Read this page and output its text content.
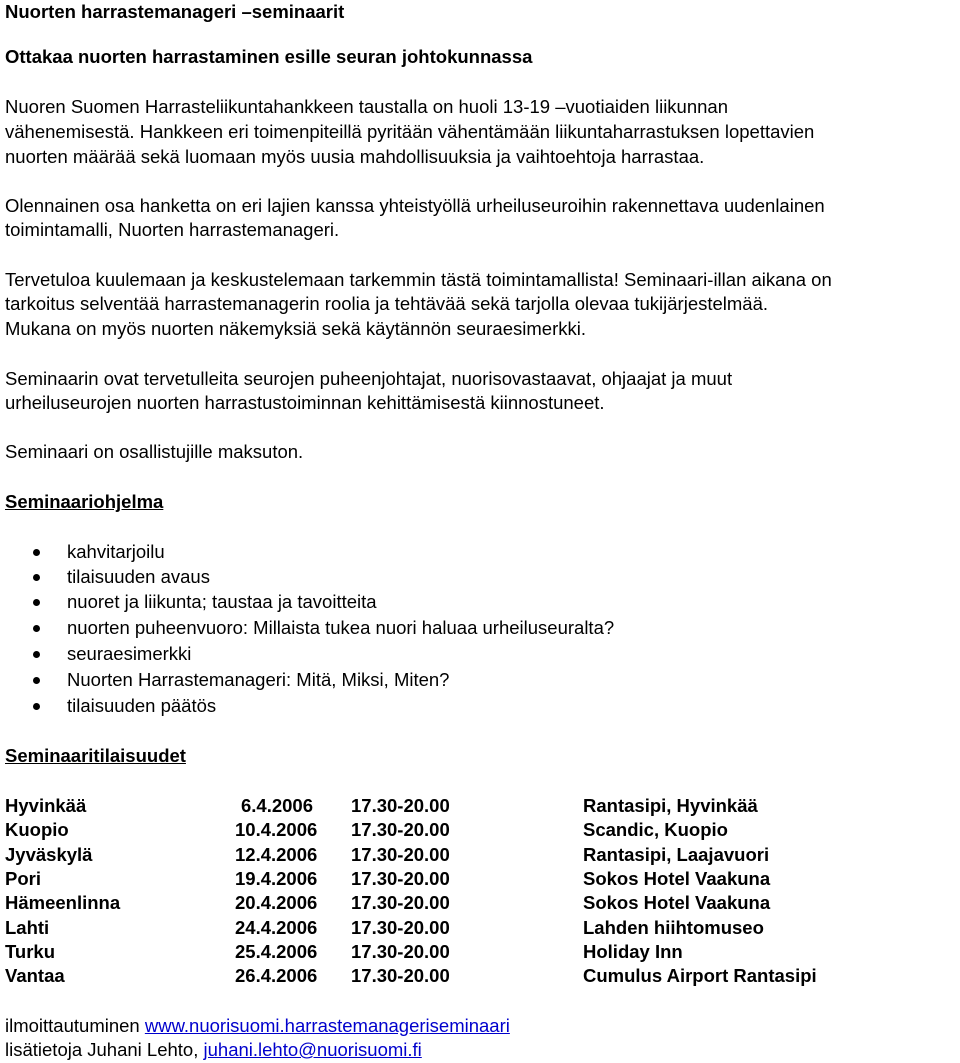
Nuorten harrastemanageri –seminaarit
Ottakaa nuorten harrastaminen esille seuran johtokunnassa
Nuoren Suomen Harrasteliikuntahankkeen taustalla on huoli 13-19 –vuotiaiden liikunnan
vähenemisestä. Hankkeen eri toimenpiteillä pyritään vähentämään liikuntaharrastuksen lopettavien
nuorten määrää sekä luomaan myös uusia mahdollisuuksia ja vaihtoehtoja harrastaa.
Olennainen osa hanketta on eri lajien kanssa yhteistyöllä urheiluseuroihin rakennettava uudenlainen
toimintamalli, Nuorten harrastemanageri.
Tervetuloa kuulemaan ja keskustelemaan tarkemmin tästä toimintamallista! Seminaari-illan aikana on
tarkoitus selventää harrastemanagerin roolia ja tehtävää sekä tarjolla olevaa tukijärjestelmää.
Mukana on myös nuorten näkemyksiä sekä käytännön seuraesimerkki.
Seminaarin ovat tervetulleita seurojen puheenjohtajat, nuorisovastaavat, ohjaajat ja muut
urheiluseurojen nuorten harrastustoiminnan kehittämisestä kiinnostuneet.
Seminaari on osallistujille maksuton.
Seminaariohjelma
kahvitarjoilu
tilaisuuden avaus
nuoret ja liikunta; taustaa ja tavoitteita
nuorten puheenvuoro: Millaista tukea nuori haluaa urheiluseuralta?
seuraesimerkki
Nuorten Harrastemanageri: Mitä, Miksi, Miten?
tilaisuuden päätös
Seminaaritilaisuudet
Hyvinkää	6.4.2006 17.30-20.00	Rantasipi, Hyvinkää
Kuopio	10.4.2006 17.30-20.00	Scandic, Kuopio
Jyväskylä	12.4.2006 17.30-20.00	Rantasipi, Laajavuori
Pori	19.4.2006 17.30-20.00	Sokos Hotel Vaakuna
Hämeenlinna	20.4.2006 17.30-20.00	Sokos Hotel Vaakuna
Lahti	24.4.2006 17.30-20.00	Lahden hiihtomuseo
Turku	25.4.2006 17.30-20.00	Holiday Inn
Vantaa	26.4.2006 17.30-20.00	Cumulus Airport Rantasipi
ilmoittautuminen www.nuorisuomi.harrastemanageriseminaari
lisätietoja Juhani Lehto, juhani.lehto@nuorisuomi.fi
